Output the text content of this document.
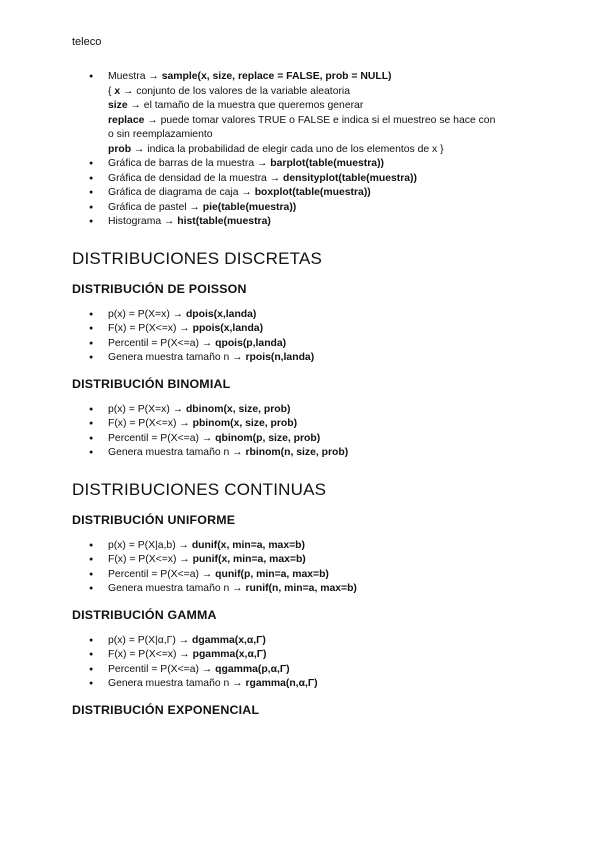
teleco
● Muestra → sample(x, size, replace = FALSE, prob = NULL)
{ x → conjunto de los valores de la variable aleatoria
size → el tamaño de la muestra que queremos generar
replace → puede tomar valores TRUE o FALSE e indica si el muestreo se hace con
o sin reemplazamiento
prob → indica la probabilidad de elegir cada uno de los elementos de x }
● Gráfica de barras de la muestra → barplot(table(muestra))
● Gráfica de densidad de la muestra → densityplot(table(muestra))
● Gráfica de diagrama de caja → boxplot(table(muestra))
● Gráfica de pastel → pie(table(muestra))
● Histograma → hist(table(muestra)
DISTRIBUCIONES DISCRETAS
DISTRIBUCIÓN DE POISSON
● p(x) = P(X=x) → dpois(x,landa)
● F(x) = P(X<=x) → ppois(x,landa)
● Percentil = P(X<=a) → qpois(p,landa)
● Genera muestra tamaño n → rpois(n,landa)
DISTRIBUCIÓN BINOMIAL
● p(x) = P(X=x) → dbinom(x, size, prob)
● F(x) = P(X<=x) → pbinom(x, size, prob)
● Percentil = P(X<=a) → qbinom(p, size, prob)
● Genera muestra tamaño n → rbinom(n, size, prob)
DISTRIBUCIONES CONTINUAS
DISTRIBUCIÓN UNIFORME
● p(x) = P(X|a,b) → dunif(x, min=a, max=b)
● F(x) = P(X<=x) → punif(x, min=a, max=b)
● Percentil = P(X<=a) → qunif(p, min=a, max=b)
● Genera muestra tamaño n → runif(n, min=a, max=b)
DISTRIBUCIÓN GAMMA
● p(x) = P(X|α,Γ) → dgamma(x,α,Γ)
● F(x) = P(X<=x) → pgamma(x,α,Γ)
● Percentil = P(X<=a) → qgamma(p,α,Γ)
● Genera muestra tamaño n → rgamma(n,α,Γ)
DISTRIBUCIÓN EXPONENCIAL
